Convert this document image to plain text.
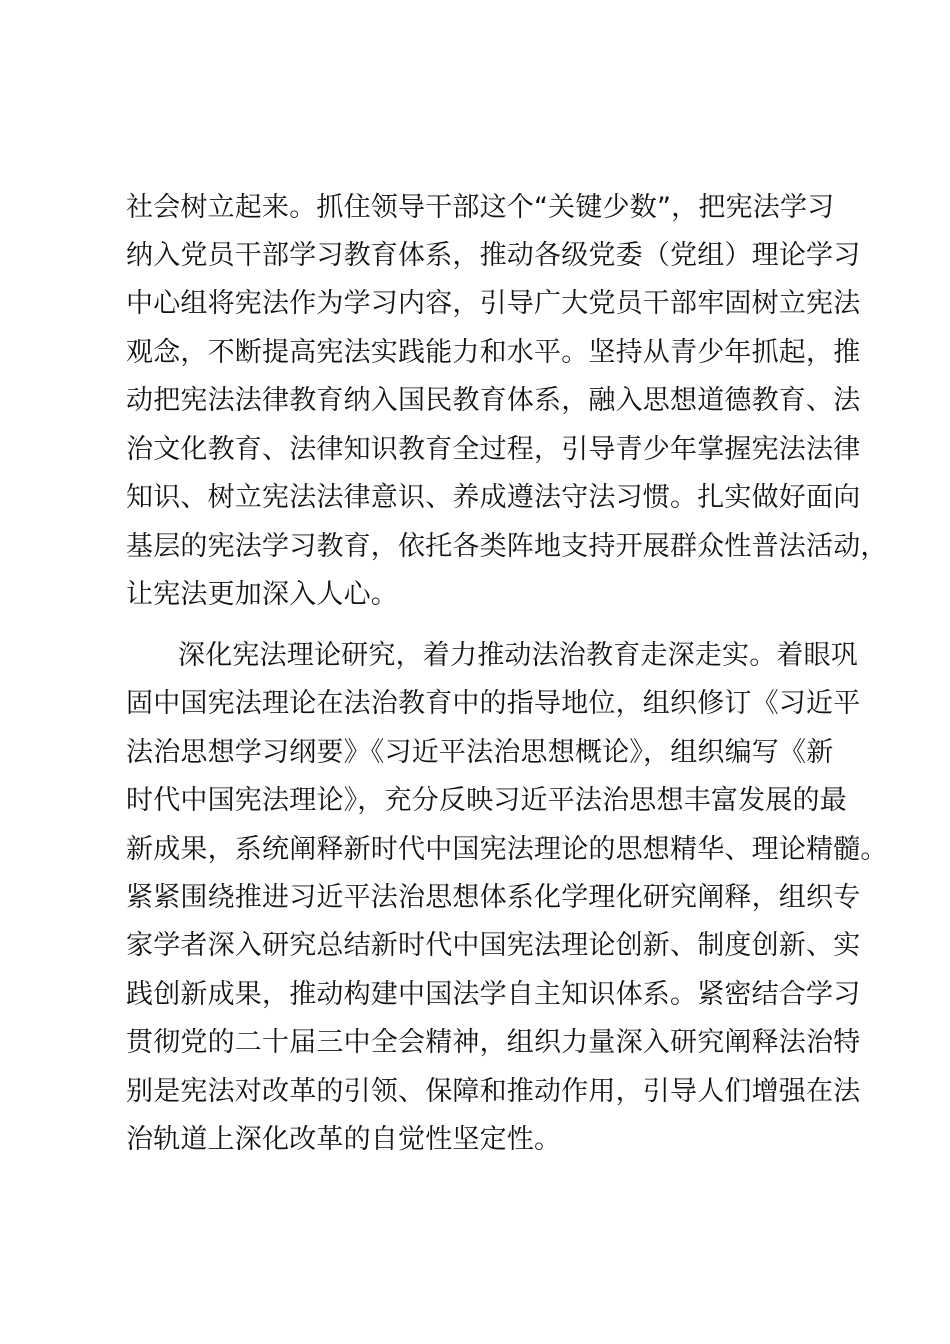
社会树立起来。抓住领导干部这个“关键少数”，把宪法学习
纳入党员干部学习教育体系，推动各级党委（党组）理论学习
中心组将宪法作为学习内容，引导广大党员干部牢固树立宪法
观念，不断提高宪法实践能力和水平。坚持从青少年抓起，推
动把宪法法律教育纳入国民教育体系，融入思想道德教育、法
治文化教育、法律知识教育全过程，引导青少年掌握宪法法律
知识、树立宪法法律意识、养成遵法守法习惯。扎实做好面向
基层的宪法学习教育，依托各类阵地支持开展群众性普法活动，
让宪法更加深入人心。
深化宪法理论研究，着力推动法治教育走深走实。着眼巩
固中国宪法理论在法治教育中的指导地位，组织修订《习近平
法治思想学习纲要》《习近平法治思想概论》，组织编写《新
时代中国宪法理论》，充分反映习近平法治思想丰富发展的最
新成果，系统阐释新时代中国宪法理论的思想精华、理论精髓。
紧紧围绕推进习近平法治思想体系化学理化研究阐释，组织专
家学者深入研究总结新时代中国宪法理论创新、制度创新、实
践创新成果，推动构建中国法学自主知识体系。紧密结合学习
贯彻党的二十届三中全会精神，组织力量深入研究阐释法治特
别是宪法对改革的引领、保障和推动作用，引导人们增强在法
治轨道上深化改革的自觉性坚定性。
